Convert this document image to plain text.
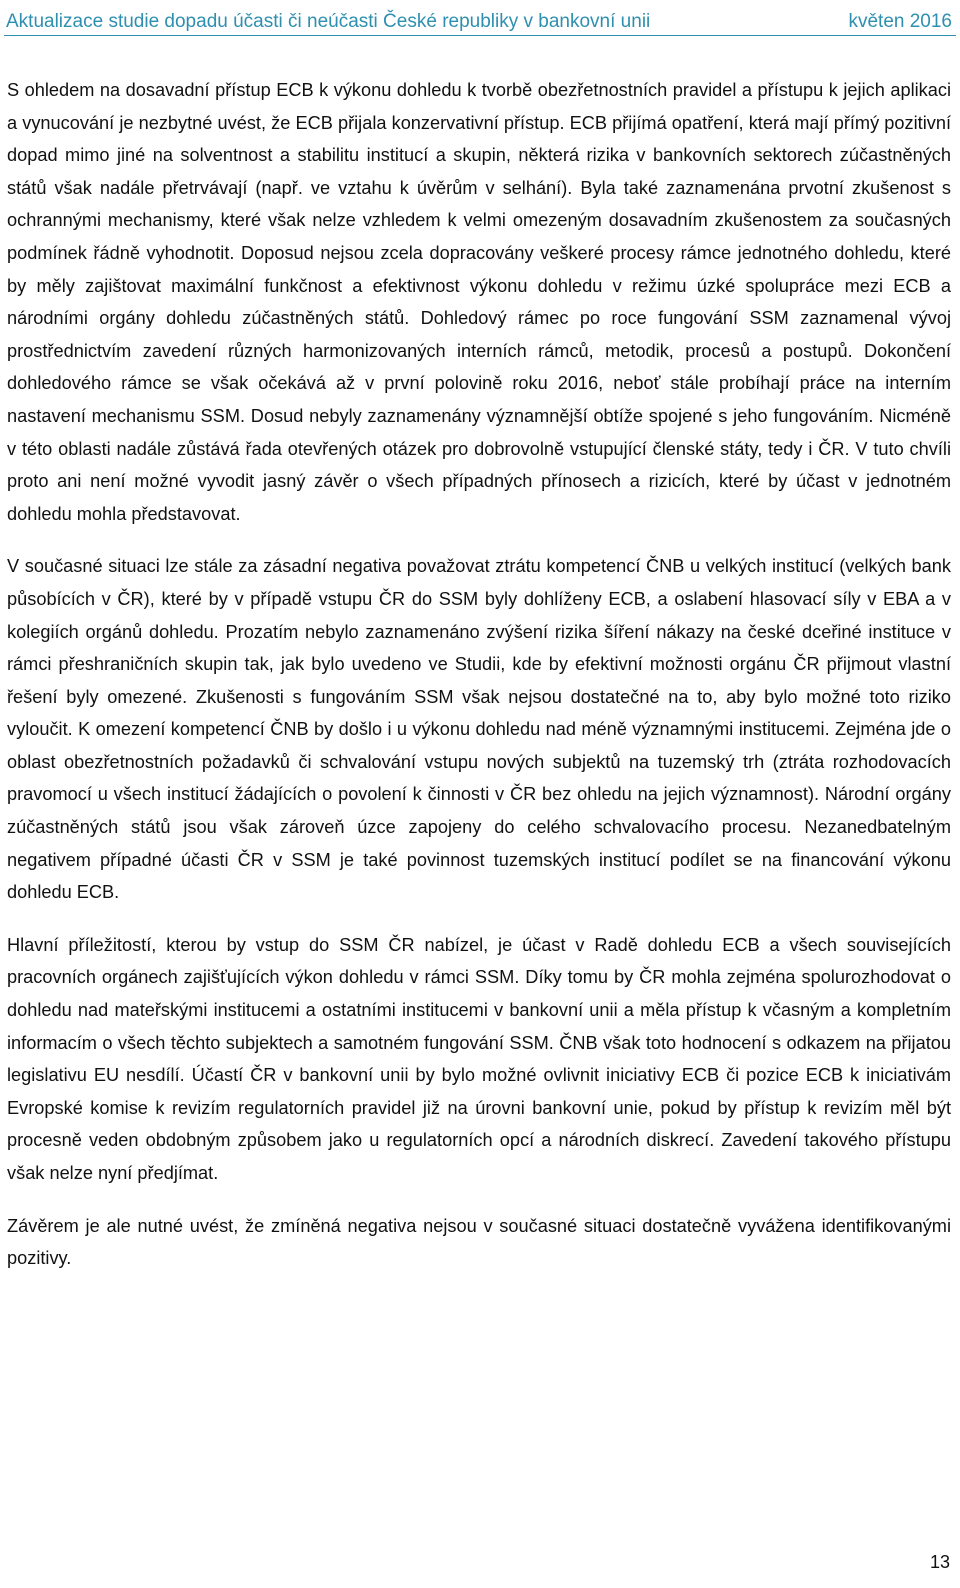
Aktualizace studie dopadu účasti či neúčasti České republiky v bankovní unii	květen 2016

S ohledem na dosavadní přístup ECB k výkonu dohledu k tvorbě obezřetnostních pravidel a přístupu k jejich aplikaci a vynucování je nezbytné uvést, že ECB přijala konzervativní přístup. ECB přijímá opatření, která mají přímý pozitivní dopad mimo jiné na solventnost a stabilitu institucí a skupin, některá rizika v bankovních sektorech zúčastněných států však nadále přetrvávají (např. ve vztahu k úvěrům v selhání). Byla také zaznamenána prvotní zkušenost s ochrannými mechanismy, které však nelze vzhledem k velmi omezeným dosavadním zkušenostem za současných podmínek řádně vyhodnotit. Doposud nejsou zcela dopracovány veškeré procesy rámce jednotného dohledu, které by měly zajištovat maximální funkčnost a efektivnost výkonu dohledu v režimu úzké spolupráce mezi ECB a národními orgány dohledu zúčastněných států. Dohledový rámec po roce fungování SSM zaznamenal vývoj prostřednictvím zavedení různých harmonizovaných interních rámců, metodik, procesů a postupů. Dokončení dohledového rámce se však očekává až v první polovině roku 2016, neboť stále probíhají práce na interním nastavení mechanismu SSM. Dosud nebyly zaznamenány významnější obtíže spojené s jeho fungováním. Nicméně v této oblasti nadále zůstává řada otevřených otázek pro dobrovolně vstupující členské státy, tedy i ČR. V tuto chvíli proto ani není možné vyvodit jasný závěr o všech případných přínosech a rizicích, které by účast v jednotném dohledu mohla představovat.

V současné situaci lze stále za zásadní negativa považovat ztrátu kompetencí ČNB u velkých institucí (velkých bank působících v ČR), které by v případě vstupu ČR do SSM byly dohlíženy ECB, a oslabení hlasovací síly v EBA a v kolegiích orgánů dohledu. Prozatím nebylo zaznamenáno zvýšení rizika šíření nákazy na české dceřiné instituce v rámci přeshraničních skupin tak, jak bylo uvedeno ve Studii, kde by efektivní možnosti orgánu ČR přijmout vlastní řešení byly omezené. Zkušenosti s fungováním SSM však nejsou dostatečné na to, aby bylo možné toto riziko vyloučit. K omezení kompetencí ČNB by došlo i u výkonu dohledu nad méně významnými institucemi. Zejména jde o oblast obezřetnostních požadavků či schvalování vstupu nových subjektů na tuzemský trh (ztráta rozhodovacích pravomocí u všech institucí žádajících o povolení k činnosti v ČR bez ohledu na jejich významnost). Národní orgány zúčastněných států jsou však zároveň úzce zapojeny do celého schvalovacího procesu. Nezanedbatelným negativem případné účasti ČR v SSM je také povinnost tuzemských institucí podílet se na financování výkonu dohledu ECB.

Hlavní příležitostí, kterou by vstup do SSM ČR nabízel, je účast v Radě dohledu ECB a všech souvisejících pracovních orgánech zajišťujících výkon dohledu v rámci SSM. Díky tomu by ČR mohla zejména spolurozhodovat o dohledu nad mateřskými institucemi a ostatními institucemi v bankovní unii a měla přístup k včasným a kompletním informacím o všech těchto subjektech a samotném fungování SSM. ČNB však toto hodnocení s odkazem na přijatou legislativu EU nesdílí. Účastí ČR v bankovní unii by bylo možné ovlivnit iniciativy ECB či pozice ECB k iniciativám Evropské komise k revizím regulatorních pravidel již na úrovni bankovní unie, pokud by přístup k revizím měl být procesně veden obdobným způsobem jako u regulatorních opcí a národních diskrecí. Zavedení takového přístupu však nelze nyní předjímat.

Závěrem je ale nutné uvést, že zmíněná negativa nejsou v současné situaci dostatečně vyvážena identifikovanými pozitivy.

13
